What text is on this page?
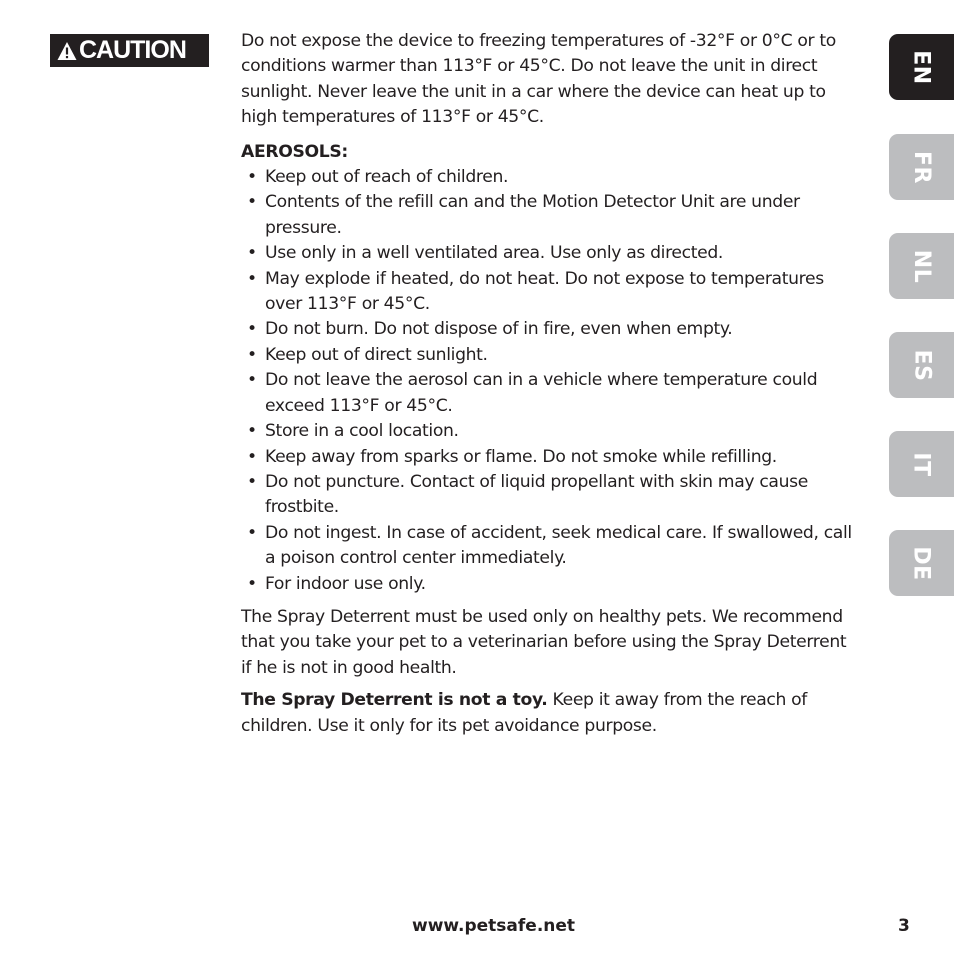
CAUTION	Do not expose the device to freezing temperatures of -32°F or 0°C or to conditions warmer than 113°F or 45°C. Do not leave the unit in direct sunlight. Never leave the unit in a car where the device can heat up to high temperatures of 113°F or 45°C.

AEROSOLS:

• Keep out of reach of children.
• Contents of the refill can and the Motion Detector Unit are under pressure.
• Use only in a well ventilated area. Use only as directed.
• May explode if heated, do not heat. Do not expose to temperatures over 113°F or 45°C.
• Do not burn. Do not dispose of in fire, even when empty.
• Keep out of direct sunlight.
• Do not leave the aerosol can in a vehicle where temperature could exceed 113°F or 45°C.
• Store in a cool location.
• Keep away from sparks or flame. Do not smoke while refilling.
• Do not puncture. Contact of liquid propellant with skin may cause frostbite.
• Do not ingest. In case of accident, seek medical care. If swallowed, call a poison control center immediately.
• For indoor use only.

The Spray Deterrent must be used only on healthy pets. We recommend that you take your pet to a veterinarian before using the Spray Deterrent if he is not in good health.

The Spray Deterrent is not a toy. Keep it away from the reach of children. Use it only for its pet avoidance purpose.

EN
FR
NL
ES
IT
DE
www.petsafe.net	3
